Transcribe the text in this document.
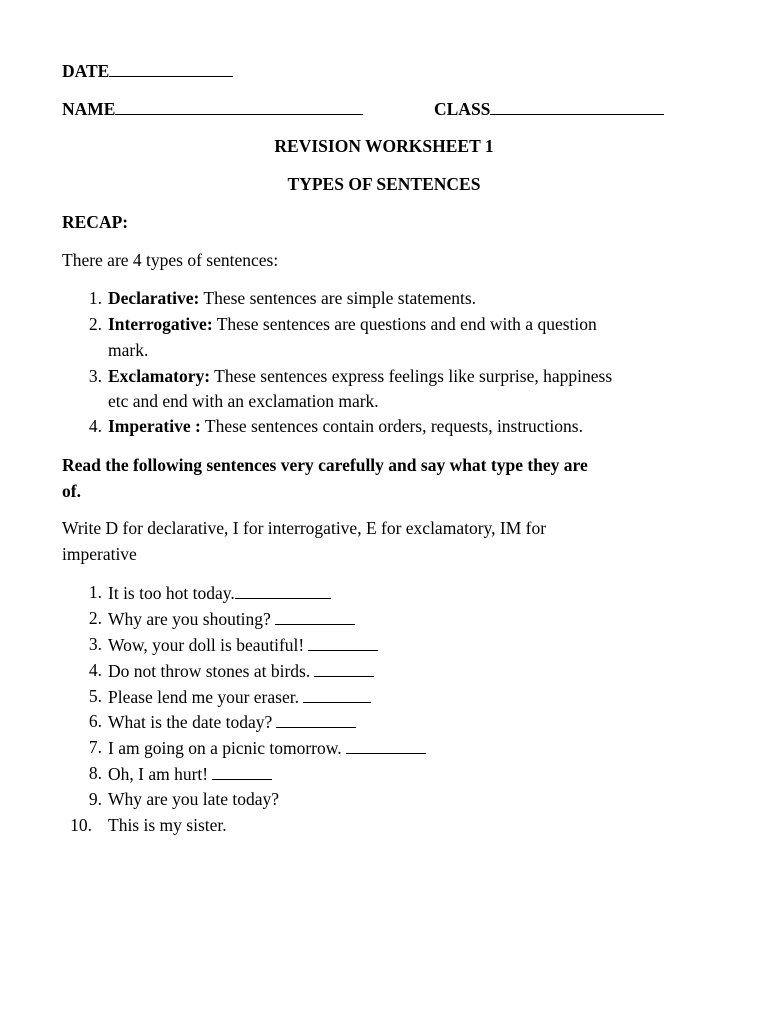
DATE
NAME	CLASS
REVISION WORKSHEET 1
TYPES OF SENTENCES
RECAP:
There are 4 types of sentences:
1. Declarative: These sentences are simple statements.
2. Interrogative: These sentences are questions and end with a question
mark.
3. Exclamatory: These sentences express feelings like surprise, happiness
etc and end with an exclamation mark.
4. Imperative : These sentences contain orders, requests, instructions.
Read the following sentences very carefully and say what type they are
of.
Write D for declarative, I for interrogative, E for exclamatory, IM for
imperative
1. It is too hot today.
2. Why are you shouting?
3. Wow, your doll is beautiful!
4. Do not throw stones at birds.
5. Please lend me your eraser.
6. What is the date today?
7. I am going on a picnic tomorrow.
8. Oh, I am hurt!
9. Why are you late today?
10. This is my sister.
